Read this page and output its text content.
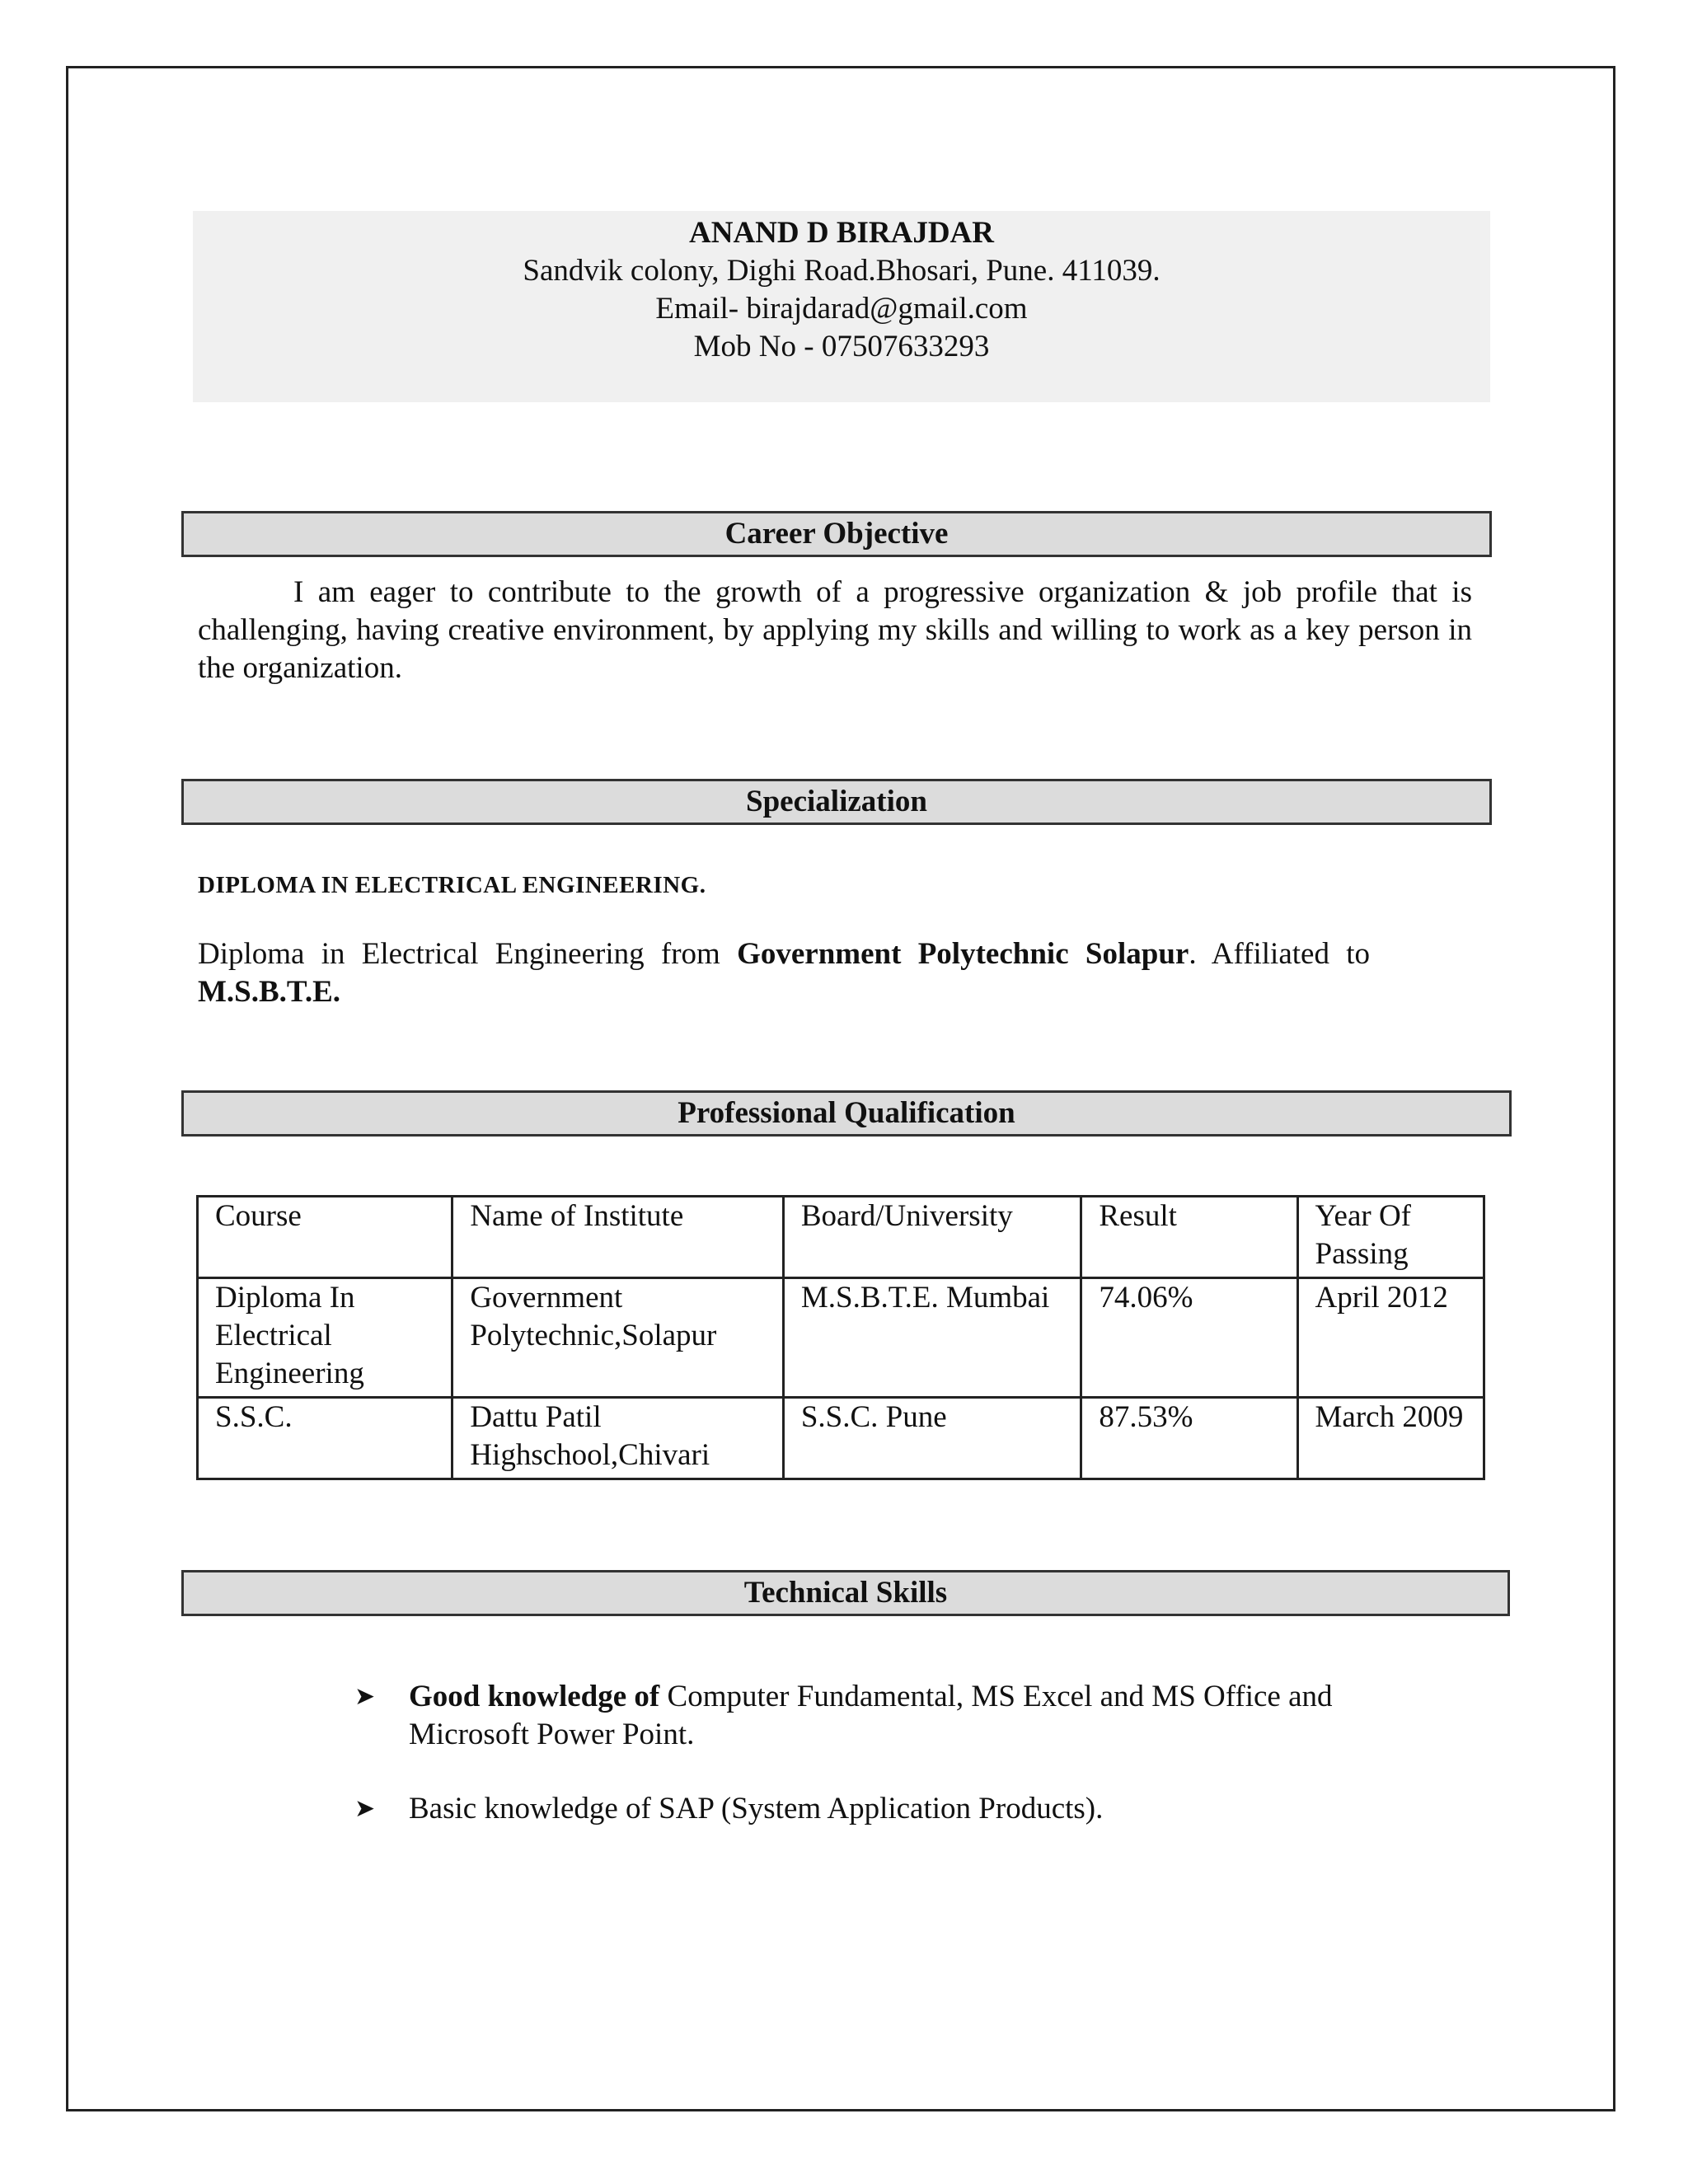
ANAND D BIRAJDAR
Sandvik colony, Dighi Road.Bhosari, Pune. 411039.
Email- birajdarad@gmail.com
Mob No - 07507633293
Career Objective
I am eager to contribute to the growth of a progressive organization & job profile that is challenging, having creative environment, by applying my skills and willing to work as a key person in the organization.
Specialization
DIPLOMA IN ELECTRICAL ENGINEERING.
Diploma in Electrical Engineering from Government Polytechnic Solapur. Affiliated to M.S.B.T.E.
Professional Qualification
Course	Name of Institute	Board/University	Result	Year Of Passing
Diploma In Electrical Engineering	Government Polytechnic,Solapur	M.S.B.T.E. Mumbai	74.06%	April 2012
S.S.C.	Dattu Patil Highschool,Chivari	S.S.C. Pune	87.53%	March 2009
Technical Skills
➤ Good knowledge of Computer Fundamental, MS Excel and MS Office and Microsoft Power Point.
➤ Basic knowledge of SAP (System Application Products).
